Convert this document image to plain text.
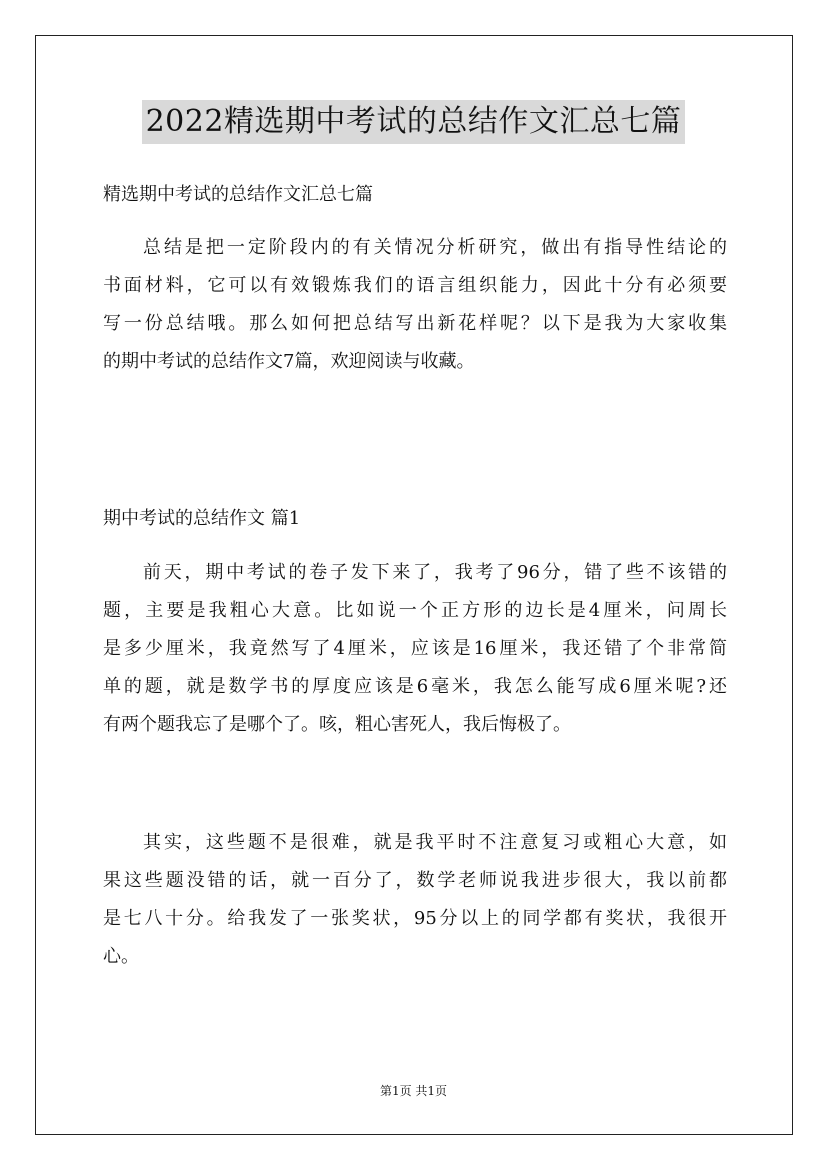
2022精选期中考试的总结作文汇总七篇
精选期中考试的总结作文汇总七篇
总结是把一定阶段内的有关情况分析研究，做出有指导性结论的
书面材料，它可以有效锻炼我们的语言组织能力，因此十分有必须要
写一份总结哦。那么如何把总结写出新花样呢？以下是我为大家收集
的期中考试的总结作文7篇，欢迎阅读与收藏。
期中考试的总结作文 篇1
前天，期中考试的卷子发下来了，我考了96分，错了些不该错的
题，主要是我粗心大意。比如说一个正方形的边长是4厘米，问周长
是多少厘米，我竟然写了4厘米，应该是16厘米，我还错了个非常简
单的题，就是数学书的厚度应该是6毫米，我怎么能写成6厘米呢?还
有两个题我忘了是哪个了。咳，粗心害死人，我后悔极了。
其实，这些题不是很难，就是我平时不注意复习或粗心大意，如
果这些题没错的话，就一百分了，数学老师说我进步很大，我以前都
是七八十分。给我发了一张奖状，95分以上的同学都有奖状，我很开
心。
第1页 共1页
